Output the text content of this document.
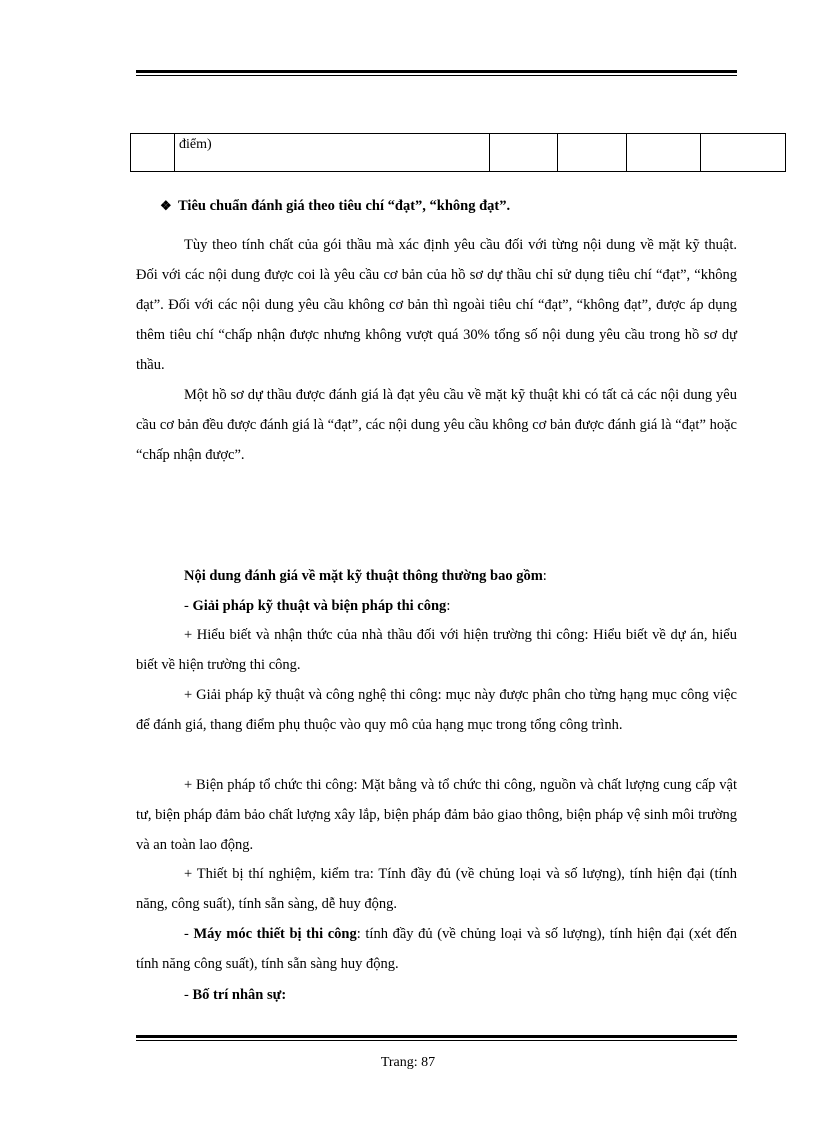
	điểm)				
❖ Tiêu chuẩn đánh giá theo tiêu chí “đạt”, “không đạt”.
Tùy theo tính chất của gói thầu mà xác định yêu cầu đối với từng nội dung về mặt kỹ thuật. Đối với các nội dung được coi là yêu cầu cơ bản của hồ sơ dự thầu chỉ sử dụng tiêu chí “đạt”, “không đạt”. Đối với các nội dung yêu cầu không cơ bản thì ngoài tiêu chí “đạt”, “không đạt”, được áp dụng thêm tiêu chí “chấp nhận được nhưng không vượt quá 30% tổng số nội dung yêu cầu trong hồ sơ dự thầu.
Một hồ sơ dự thầu được đánh giá là đạt yêu cầu về mặt kỹ thuật khi có tất cả các nội dung yêu cầu cơ bản đều được đánh giá là “đạt”, các nội dung yêu cầu không cơ bản được đánh giá là “đạt” hoặc “chấp nhận được”.
Nội dung đánh giá về mặt kỹ thuật thông thường bao gồm:
- Giải pháp kỹ thuật và biện pháp thi công:
+ Hiểu biết và nhận thức của nhà thầu đối với hiện trường thi công: Hiểu biết về dự án, hiểu biết về hiện trường thi công.
+ Giải pháp kỹ thuật và công nghệ thi công: mục này được phân cho từng hạng mục công việc để đánh giá, thang điểm phụ thuộc vào quy mô của hạng mục trong tổng công trình.
+ Biện pháp tổ chức thi công: Mặt bằng và tổ chức thi công, nguồn và chất lượng cung cấp vật tư, biện pháp đảm bảo chất lượng xây lắp, biện pháp đảm bảo giao thông, biện pháp vệ sinh môi trường và an toàn lao động.
+ Thiết bị thí nghiệm, kiểm tra: Tính đầy đủ (về chủng loại và số lượng), tính hiện đại (tính năng, công suất), tính sẵn sàng, dễ huy động.
- Máy móc thiết bị thi công: tính đầy đủ (về chủng loại và số lượng), tính hiện đại (xét đến tính năng công suất), tính sẵn sàng huy động.
- Bố trí nhân sự:
Trang: 87
